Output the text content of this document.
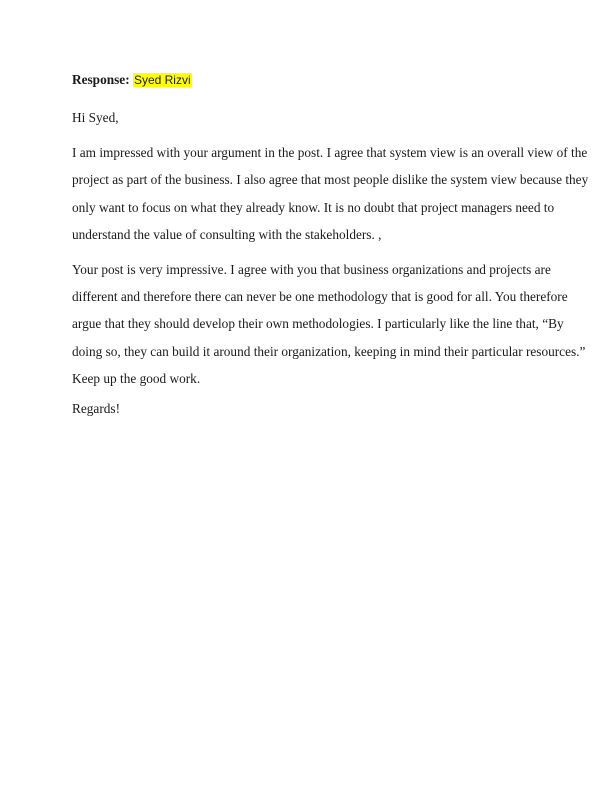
Response: Syed Rizvi
Hi Syed,
I am impressed with your argument in the post. I agree that system view is an overall view of the
project as part of the business. I also agree that most people dislike the system view because they
only want to focus on what they already know. It is no doubt that project managers need to
understand the value of consulting with the stakeholders. ,
Your post is very impressive. I agree with you that business organizations and projects are
different and therefore there can never be one methodology that is good for all. You therefore
argue that they should develop their own methodologies. I particularly like the line that, “By
doing so, they can build it around their organization, keeping in mind their particular resources.”
Keep up the good work.
Regards!
